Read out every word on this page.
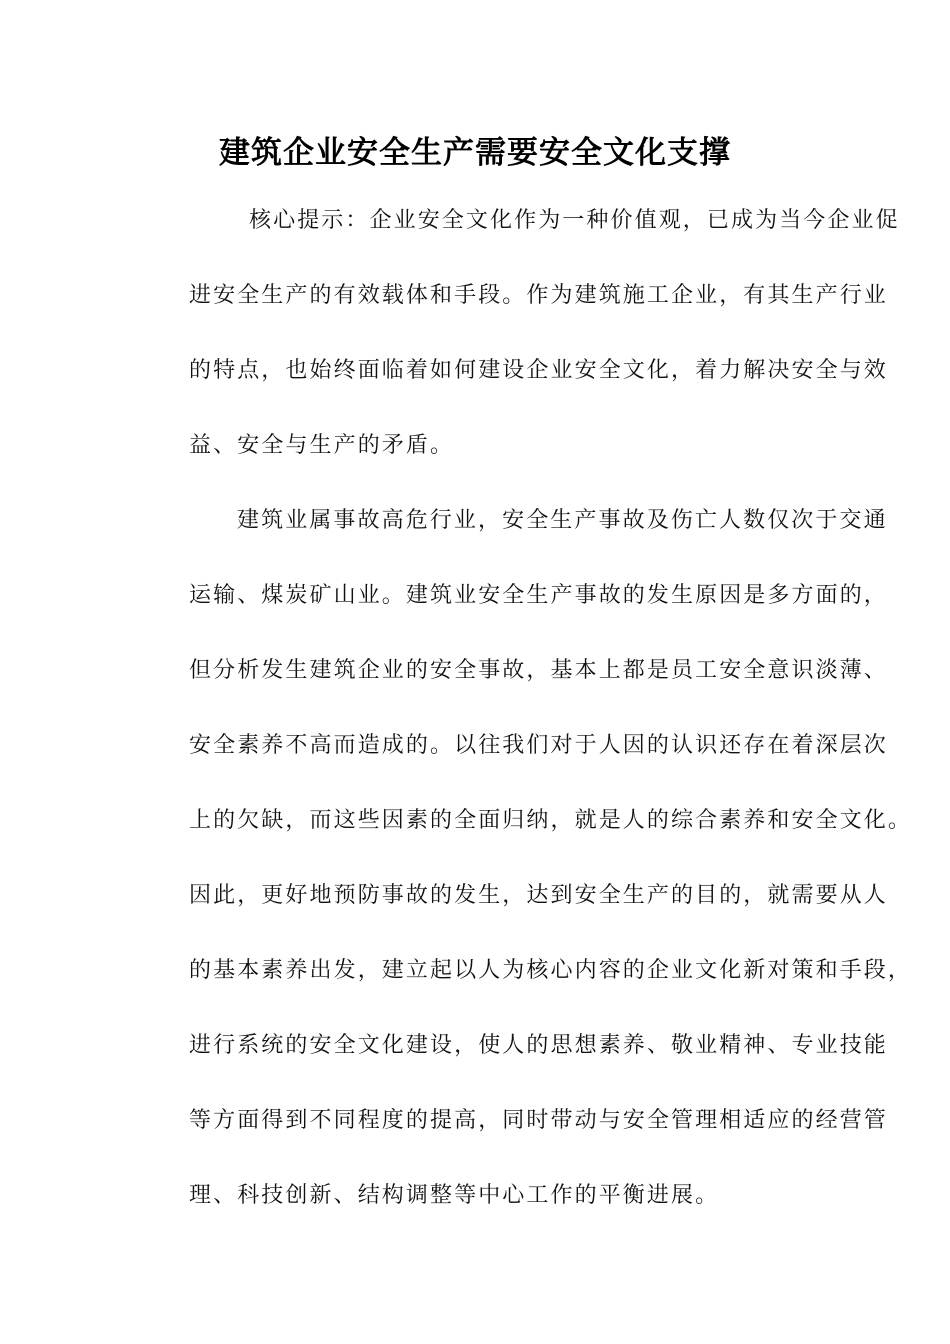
建筑企业安全生产需要安全文化支撑
核心提示：企业安全文化作为一种价值观，已成为当今企业促
进安全生产的有效载体和手段。作为建筑施工企业，有其生产行业
的特点，也始终面临着如何建设企业安全文化，着力解决安全与效
益、安全与生产的矛盾。
建筑业属事故高危行业，安全生产事故及伤亡人数仅次于交通
运输、煤炭矿山业。建筑业安全生产事故的发生原因是多方面的，
但分析发生建筑企业的安全事故，基本上都是员工安全意识淡薄、
安全素养不高而造成的。以往我们对于人因的认识还存在着深层次
上的欠缺，而这些因素的全面归纳，就是人的综合素养和安全文化。
因此，更好地预防事故的发生，达到安全生产的目的，就需要从人
的基本素养出发，建立起以人为核心内容的企业文化新对策和手段，
进行系统的安全文化建设，使人的思想素养、敬业精神、专业技能
等方面得到不同程度的提高，同时带动与安全管理相适应的经营管
理、科技创新、结构调整等中心工作的平衡进展。
